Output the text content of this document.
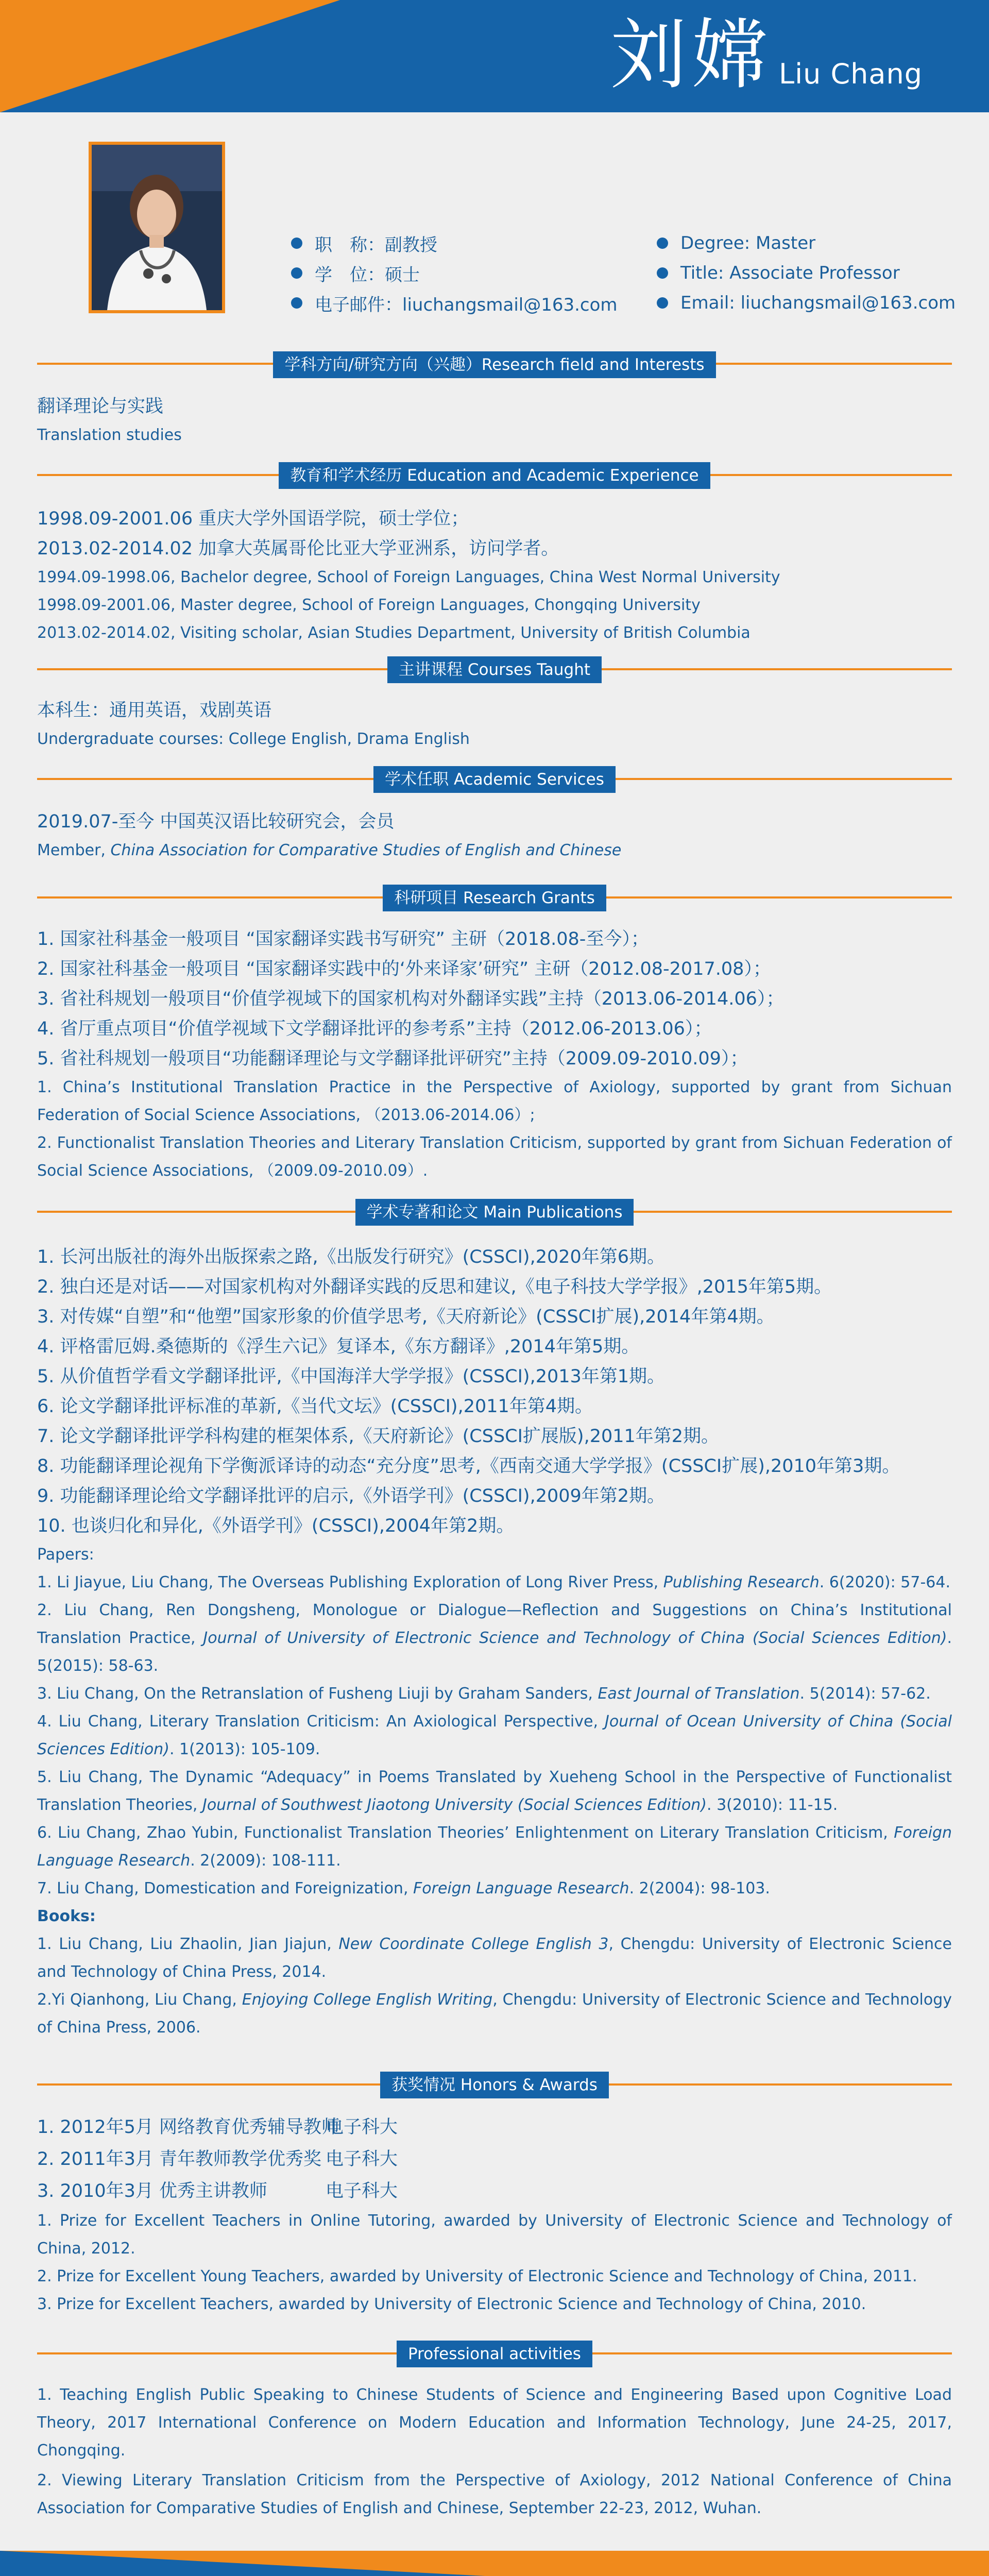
刘嫦 Liu Chang
职　称：副教授
学　位：硕士
电子邮件：liuchangsmail@163.com
Degree: Master
Title: Associate Professor
Email: liuchangsmail@163.com
学科方向/研究方向（兴趣）Research field and Interests
翻译理论与实践
Translation studies
教育和学术经历 Education and Academic Experience
1998.09-2001.06 重庆大学外国语学院，硕士学位；
2013.02-2014.02 加拿大英属哥伦比亚大学亚洲系，访问学者。
1994.09-1998.06, Bachelor degree, School of Foreign Languages, China West Normal University
1998.09-2001.06, Master degree, School of Foreign Languages, Chongqing University
2013.02-2014.02, Visiting scholar, Asian Studies Department, University of British Columbia
主讲课程 Courses Taught
本科生：通用英语，戏剧英语
Undergraduate courses: College English, Drama English
学术任职 Academic Services
2019.07-至今 中国英汉语比较研究会，会员
Member, China Association for Comparative Studies of English and Chinese
科研项目 Research Grants
1. 国家社科基金一般项目 “国家翻译实践书写研究” 主研（2018.08-至今）；
2. 国家社科基金一般项目 “国家翻译实践中的‘外来译家’研究” 主研（2012.08-2017.08）；
3. 省社科规划一般项目“价值学视域下的国家机构对外翻译实践”主持（2013.06-2014.06）；
4. 省厅重点项目“价值学视域下文学翻译批评的参考系”主持（2012.06-2013.06）；
5. 省社科规划一般项目“功能翻译理论与文学翻译批评研究”主持（2009.09-2010.09）；
1. China’s Institutional Translation Practice in the Perspective of Axiology, supported by grant from Sichuan Federation of Social Science Associations, （2013.06-2014.06）;
2. Functionalist Translation Theories and Literary Translation Criticism, supported by grant from Sichuan Federation of Social Science Associations, （2009.09-2010.09）.
学术专著和论文 Main Publications
1. 长河出版社的海外出版探索之路,《出版发行研究》(CSSCI),2020年第6期。
2. 独白还是对话——对国家机构对外翻译实践的反思和建议,《电子科技大学学报》,2015年第5期。
3. 对传媒“自塑”和“他塑”国家形象的价值学思考,《天府新论》(CSSCI扩展),2014年第4期。
4. 评格雷厄姆.桑德斯的《浮生六记》复译本,《东方翻译》,2014年第5期。
5. 从价值哲学看文学翻译批评,《中国海洋大学学报》(CSSCI),2013年第1期。
6. 论文学翻译批评标准的革新,《当代文坛》(CSSCI),2011年第4期。
7. 论文学翻译批评学科构建的框架体系,《天府新论》(CSSCI扩展版),2011年第2期。
8. 功能翻译理论视角下学衡派译诗的动态“充分度”思考,《西南交通大学学报》(CSSCI扩展),2010年第3期。
9. 功能翻译理论给文学翻译批评的启示,《外语学刊》(CSSCI),2009年第2期。
10. 也谈归化和异化,《外语学刊》(CSSCI),2004年第2期。
Papers:
1. Li Jiayue, Liu Chang, The Overseas Publishing Exploration of Long River Press, Publishing Research. 6(2020): 57-64.
2. Liu Chang, Ren Dongsheng, Monologue or Dialogue—Reflection and Suggestions on China’s Institutional Translation Practice, Journal of University of Electronic Science and Technology of China (Social Sciences Edition). 5(2015): 58-63.
3. Liu Chang, On the Retranslation of Fusheng Liuji by Graham Sanders, East Journal of Translation. 5(2014): 57-62.
4. Liu Chang, Literary Translation Criticism: An Axiological Perspective, Journal of Ocean University of China (Social Sciences Edition). 1(2013): 105-109.
5. Liu Chang, The Dynamic “Adequacy” in Poems Translated by Xueheng School in the Perspective of Functionalist Translation Theories, Journal of Southwest Jiaotong University (Social Sciences Edition). 3(2010): 11-15.
6. Liu Chang, Zhao Yubin, Functionalist Translation Theories’ Enlightenment on Literary Translation Criticism, Foreign Language Research. 2(2009): 108-111.
7. Liu Chang, Domestication and Foreignization, Foreign Language Research. 2(2004): 98-103.
Books:
1. Liu Chang, Liu Zhaolin, Jian Jiajun, New Coordinate College English 3, Chengdu: University of Electronic Science and Technology of China Press, 2014.
2.Yi Qianhong, Liu Chang, Enjoying College English Writing, Chengdu: University of Electronic Science and Technology of China Press, 2006.
获奖情况 Honors & Awards
1. 2012年5月 网络教育优秀辅导教师
电子科大
2. 2011年3月 青年教师教学优秀奖 电子科大
3. 2010年3月 优秀主讲教师	电子科大
1. Prize for Excellent Teachers in Online Tutoring, awarded by University of Electronic Science and Technology of China, 2012.
2. Prize for Excellent Young Teachers, awarded by University of Electronic Science and Technology of China, 2011.
3. Prize for Excellent Teachers, awarded by University of Electronic Science and Technology of China, 2010.
Professional activities
1. Teaching English Public Speaking to Chinese Students of Science and Engineering Based upon Cognitive Load Theory, 2017 International Conference on Modern Education and Information Technology, June 24-25, 2017, Chongqing.
2. Viewing Literary Translation Criticism from the Perspective of Axiology, 2012 National Conference of China Association for Comparative Studies of English and Chinese, September 22-23, 2012, Wuhan.
